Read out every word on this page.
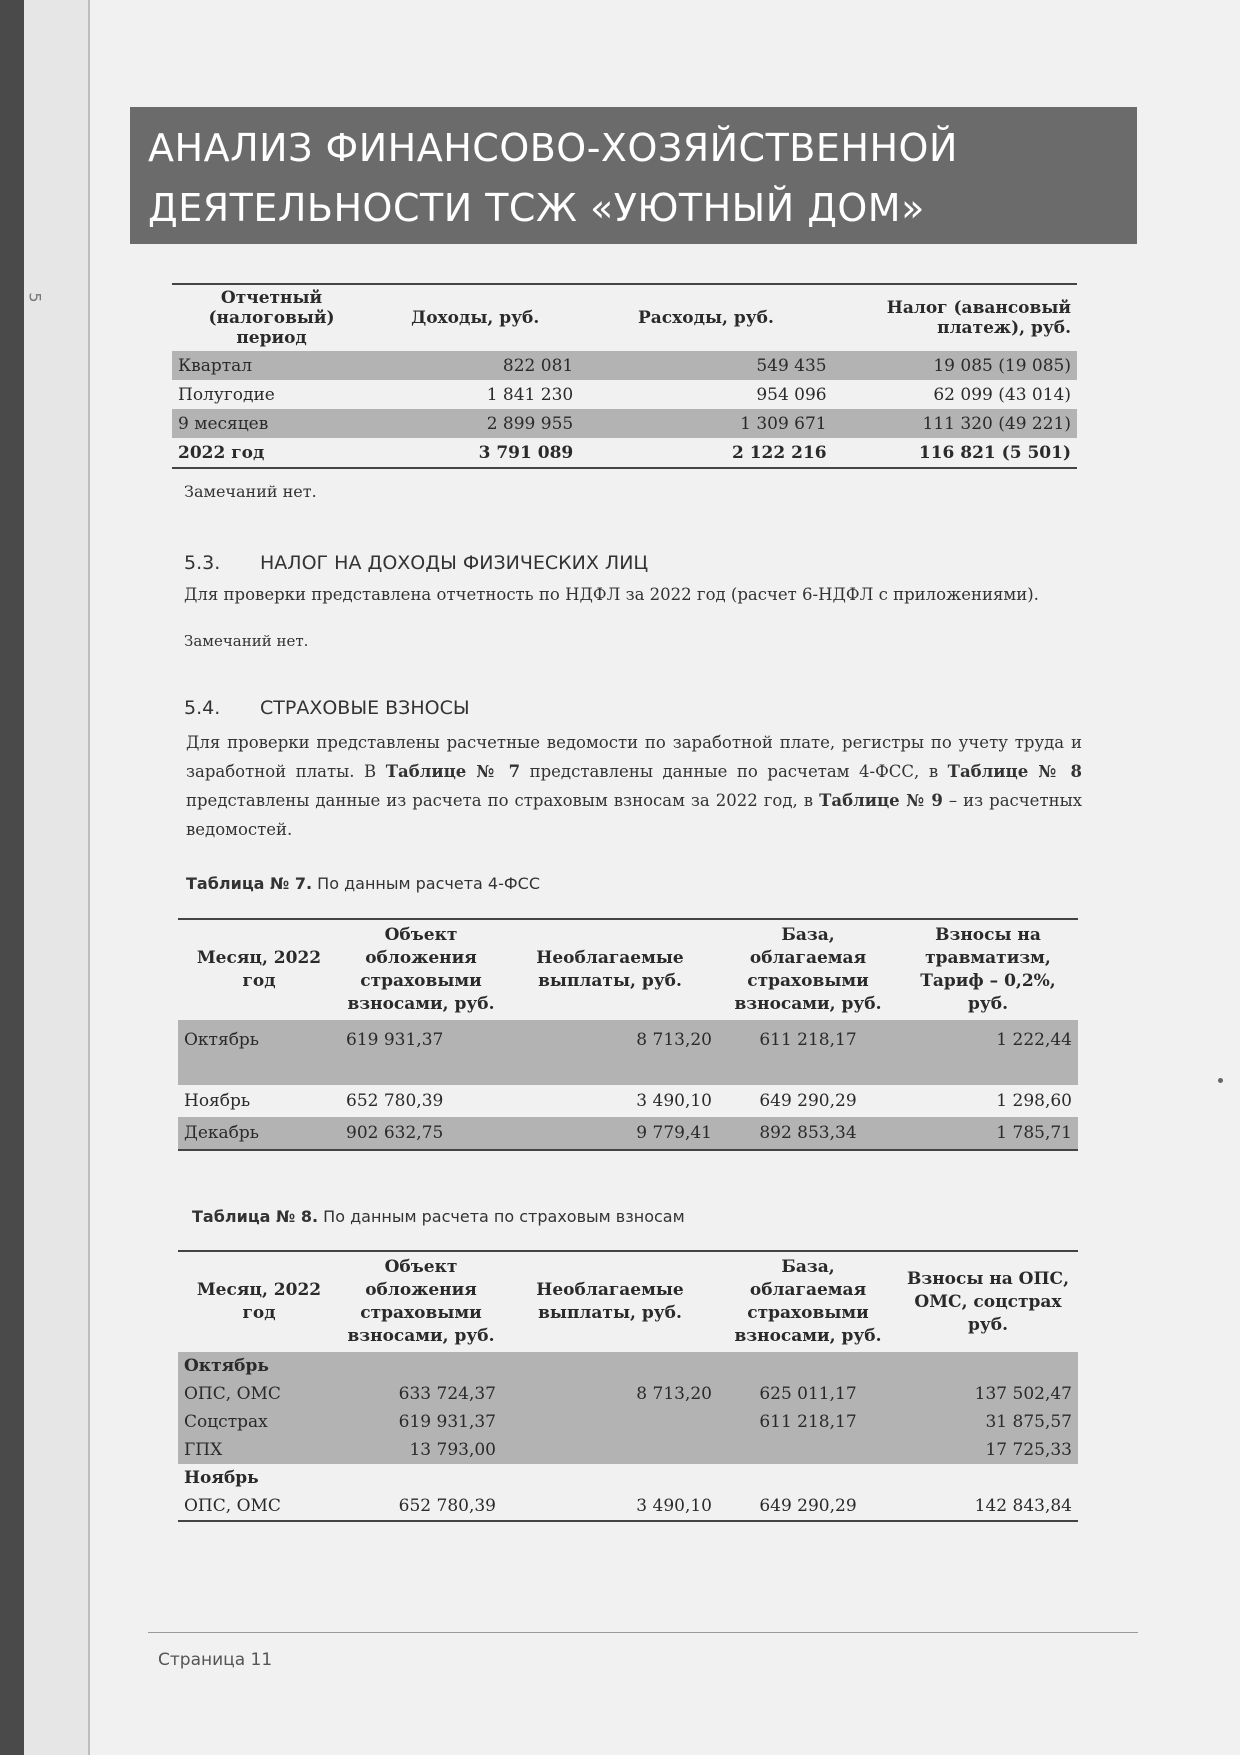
5
АНАЛИЗ ФИНАНСОВО-ХОЗЯЙСТВЕННОЙ
ДЕЯТЕЛЬНОСТИ ТСЖ «УЮТНЫЙ ДОМ»
Отчетный (налоговый) период	Доходы, руб.	Расходы, руб.	Налог (авансовый платеж), руб.
Квартал	822 081	549 435	19 085 (19 085)
Полугодие	1 841 230	954 096	62 099 (43 014)
9 месяцев	2 899 955	1 309 671	111 320 (49 221)
2022 год	3 791 089	2 122 216	116 821 (5 501)
Замечаний нет.
5.3. НАЛОГ НА ДОХОДЫ ФИЗИЧЕСКИХ ЛИЦ
Для проверки представлена отчетность по НДФЛ за 2022 год (расчет 6-НДФЛ с приложениями).
Замечаний нет.
5.4. СТРАХОВЫЕ ВЗНОСЫ
Для проверки представлены расчетные ведомости по заработной плате, регистры по учету труда и заработной платы. В Таблице № 7 представлены данные по расчетам 4-ФСС, в Таблице № 8 представлены данные из расчета по страховым взносам за 2022 год, в Таблице № 9 – из расчетных ведомостей.
Таблица № 7. По данным расчета 4-ФСС
Месяц, 2022 год	Объект обложения страховыми взносами, руб.	Необлагаемые выплаты, руб.	База, облагаемая страховыми взносами, руб.	Взносы на травматизм, Тариф – 0,2%, руб.
Октябрь	619 931,37	8 713,20	611 218,17	1 222,44
Ноябрь	652 780,39	3 490,10	649 290,29	1 298,60
Декабрь	902 632,75	9 779,41	892 853,34	1 785,71
Таблица № 8. По данным расчета по страховым взносам
Месяц, 2022 год	Объект обложения страховыми взносами, руб.	Необлагаемые выплаты, руб.	База, облагаемая страховыми взносами, руб.	Взносы на ОПС, ОМС, соцстрах руб.
Октябрь				
ОПС, ОМС	633 724,37	8 713,20	625 011,17	137 502,47
Соцстрах	619 931,37		611 218,17	31 875,57
ГПХ	13 793,00			17 725,33
Ноябрь				
ОПС, ОМС	652 780,39	3 490,10	649 290,29	142 843,84
Страница 11
